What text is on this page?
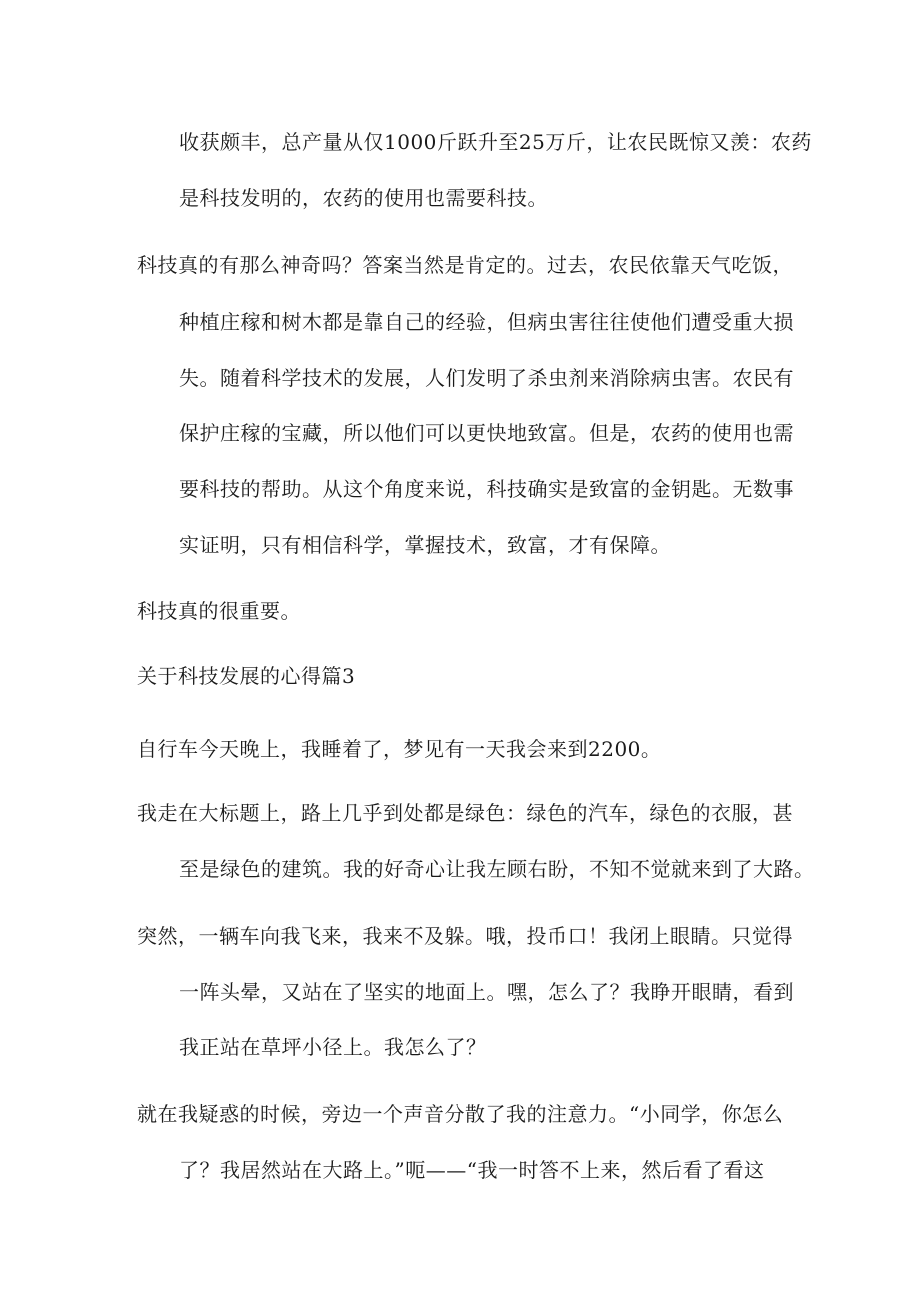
收获颇丰，总产量从仅1000斤跃升至25万斤，让农民既惊又羡：农药
是科技发明的，农药的使用也需要科技。
科技真的有那么神奇吗？答案当然是肯定的。过去，农民依靠天气吃饭，
种植庄稼和树木都是靠自己的经验，但病虫害往往使他们遭受重大损
失。随着科学技术的发展，人们发明了杀虫剂来消除病虫害。农民有
保护庄稼的宝藏，所以他们可以更快地致富。但是，农药的使用也需
要科技的帮助。从这个角度来说，科技确实是致富的金钥匙。无数事
实证明，只有相信科学，掌握技术，致富，才有保障。
科技真的很重要。
关于科技发展的心得篇3
自行车今天晚上，我睡着了，梦见有一天我会来到2200。
我走在大标题上，路上几乎到处都是绿色：绿色的汽车，绿色的衣服，甚
至是绿色的建筑。我的好奇心让我左顾右盼，不知不觉就来到了大路。
突然，一辆车向我飞来，我来不及躲。哦，投币口！我闭上眼睛。只觉得
一阵头晕，又站在了坚实的地面上。嘿，怎么了？我睁开眼睛，看到
我正站在草坪小径上。我怎么了？
就在我疑惑的时候，旁边一个声音分散了我的注意力。“小同学，你怎么
了？我居然站在大路上。”呃——“我一时答不上来，然后看了看这
